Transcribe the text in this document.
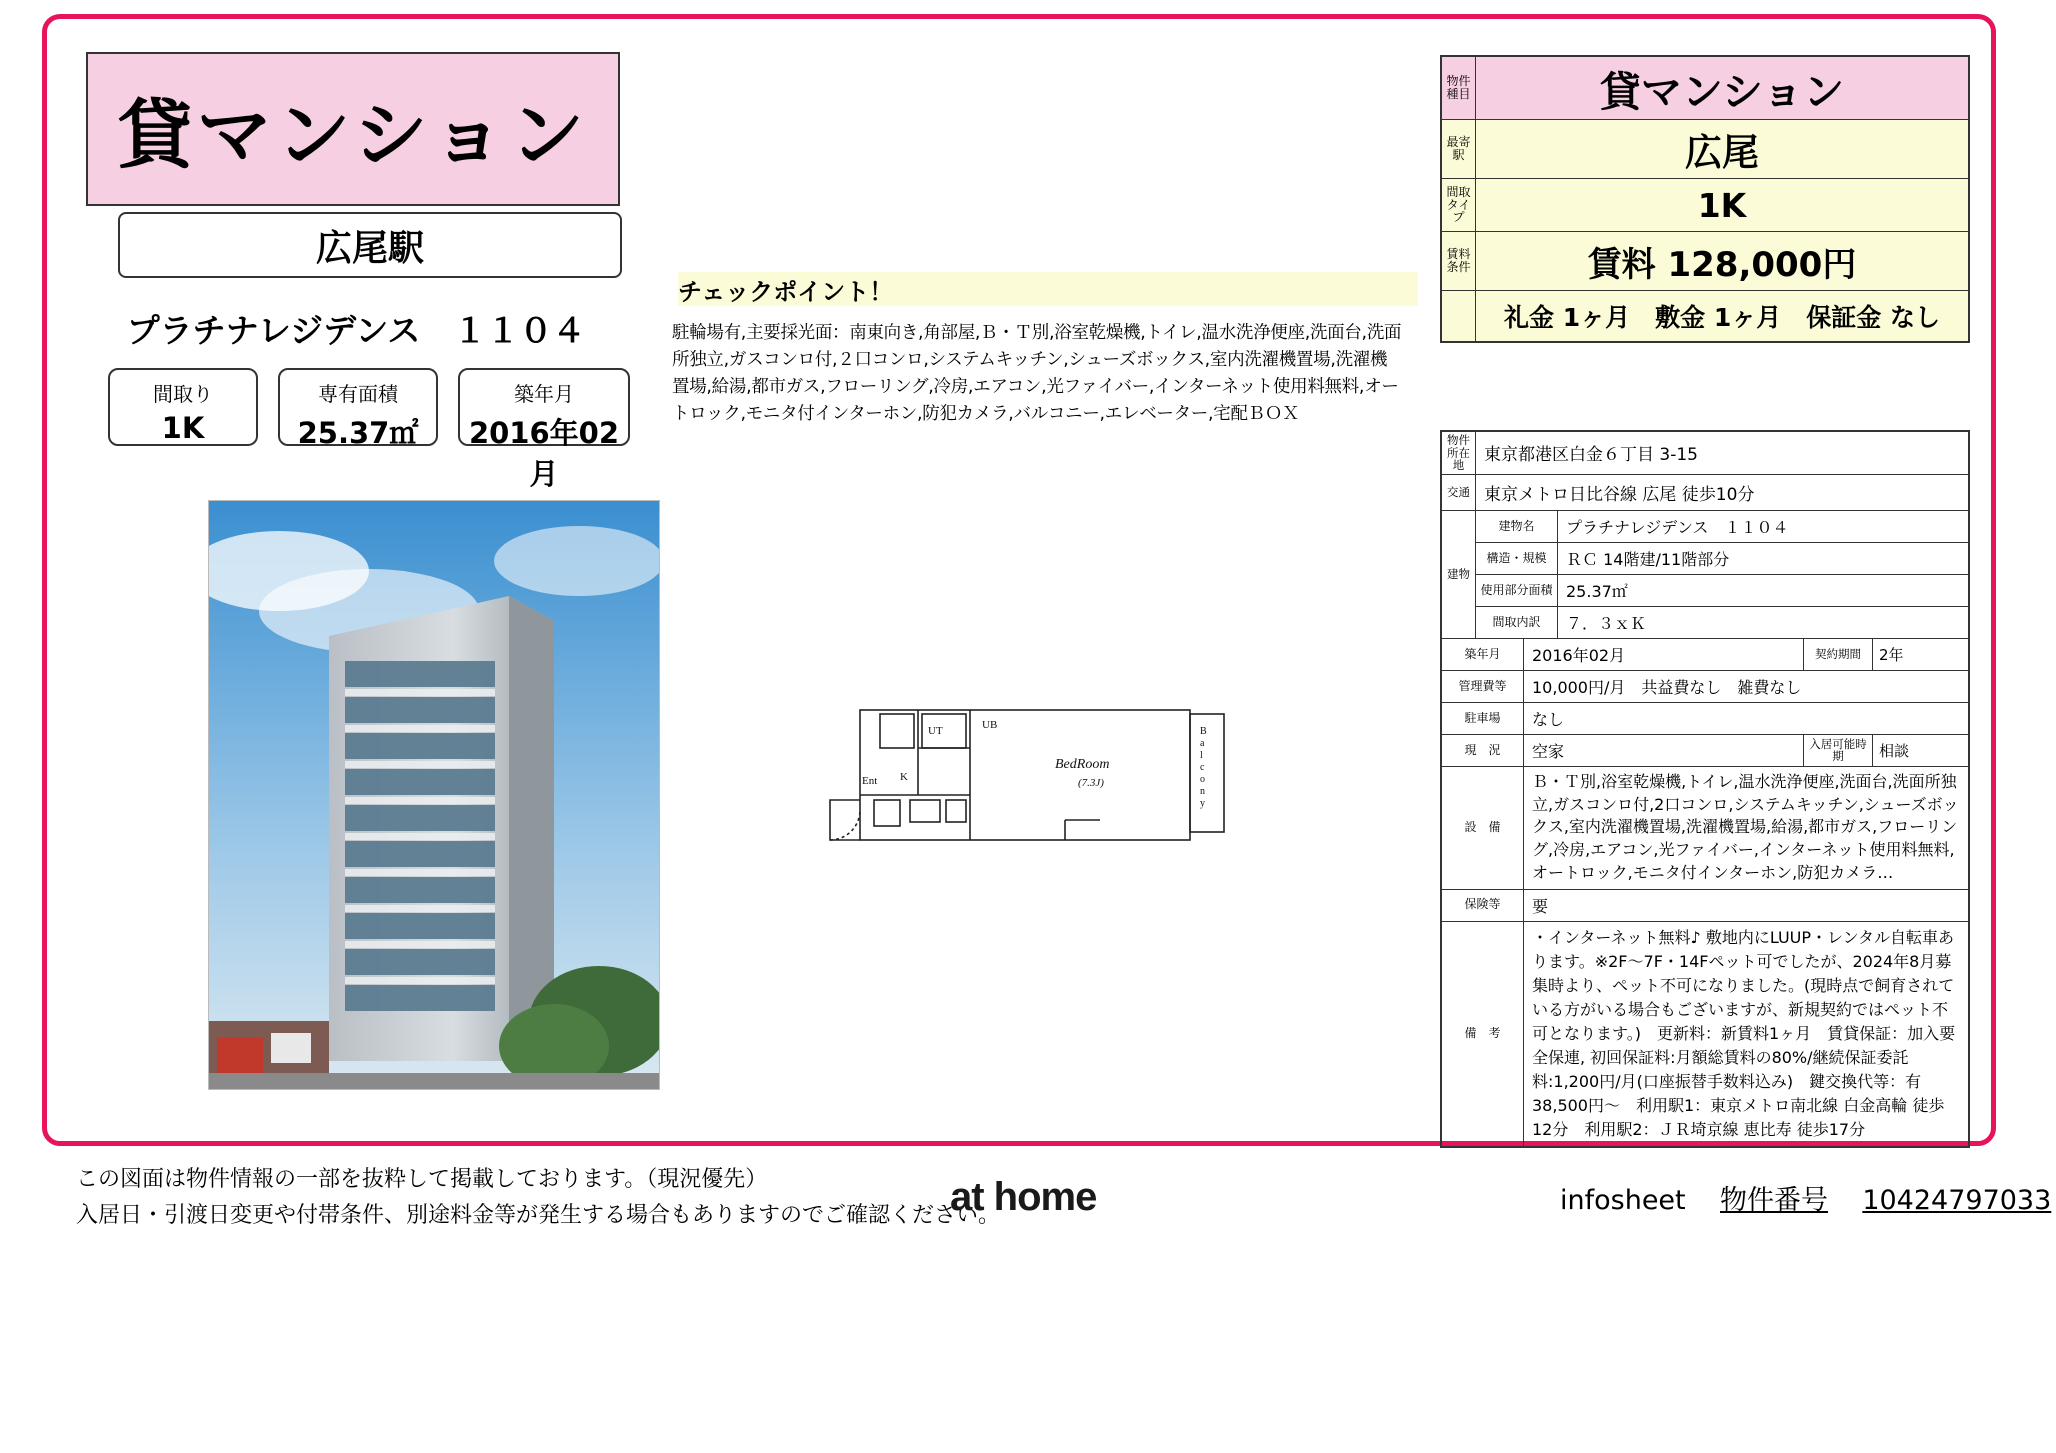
貸マンション
広尾駅
プラチナレジデンス　１１０４
間取り
1K
専有面積
25.37㎡
築年月
2016年02月
チェックポイント！
駐輪場有,主要採光面：南東向き,角部屋,Ｂ・Ｔ別,浴室乾燥機,トイレ,温水洗浄便座,洗面台,洗面所独立,ガスコンロ付,２口コンロ,システムキッチン,シューズボックス,室内洗濯機置場,洗濯機置場,給湯,都市ガス,フローリング,冷房,エアコン,光ファイバー,インターネット使用料無料,オートロック,モニタ付インターホン,防犯カメラ,バルコニー,エレベーター,宅配ＢＯＸ
Ent K
UT	UB
BedRoom
(7.3J)
B
a
l
c
o
n
y
物件種目	貸マンション
最寄駅	広尾
間取タイプ	1K
賃料条件	賃料 128,000円
礼金 1ヶ月　敷金 1ヶ月　保証金 なし
物件所在地	東京都港区白金６丁目 3-15
交通 東京メトロ日比谷線 広尾 徒歩10分
建物
建物名	プラチナレジデンス　１１０４
構造・規模	ＲＣ 14階建/11階部分
使用部分面積 25.37㎡
間取内訳	７．３ｘＫ
築年月	2016年02月	契約期間	2年
管理費等	10,000円/月　共益費なし　雑費なし
駐車場	なし
現　況	空家	入居可能時期	相談
設　備
Ｂ・Ｔ別,浴室乾燥機,トイレ,温水洗浄便座,洗面台,洗面所独立,ガスコンロ付,2口コンロ,システムキッチン,シューズボックス,室内洗濯機置場,洗濯機置場,給湯,都市ガス,フローリング,冷房,エアコン,光ファイバー,インターネット使用料無料,オートロック,モニタ付インターホン,防犯カメラ…
保険等	要
備　考
・インターネット無料♪ 敷地内にLUUP・レンタル自転車あります。※2F～7F・14Fペット可でしたが、2024年8月募集時より、ペット不可になりました。(現時点で飼育されている方がいる場合もございますが、新規契約ではペット不可となります。)　更新料：新賃料1ヶ月　賃貸保証：加入要 全保連, 初回保証料:月額総賃料の80%/継続保証委託料:1,200円/月(口座振替手数料込み)　鍵交換代等：有 38,500円～　利用駅1：東京メトロ南北線 白金高輪 徒歩12分　利用駅2：ＪＲ埼京線 恵比寿 徒歩17分
この図面は物件情報の一部を抜粋して掲載しております。（現況優先）
入居日・引渡日変更や付帯条件、別途料金等が発生する場合もありますのでご確認ください。
at home	infosheet 物件番号 10424797033
